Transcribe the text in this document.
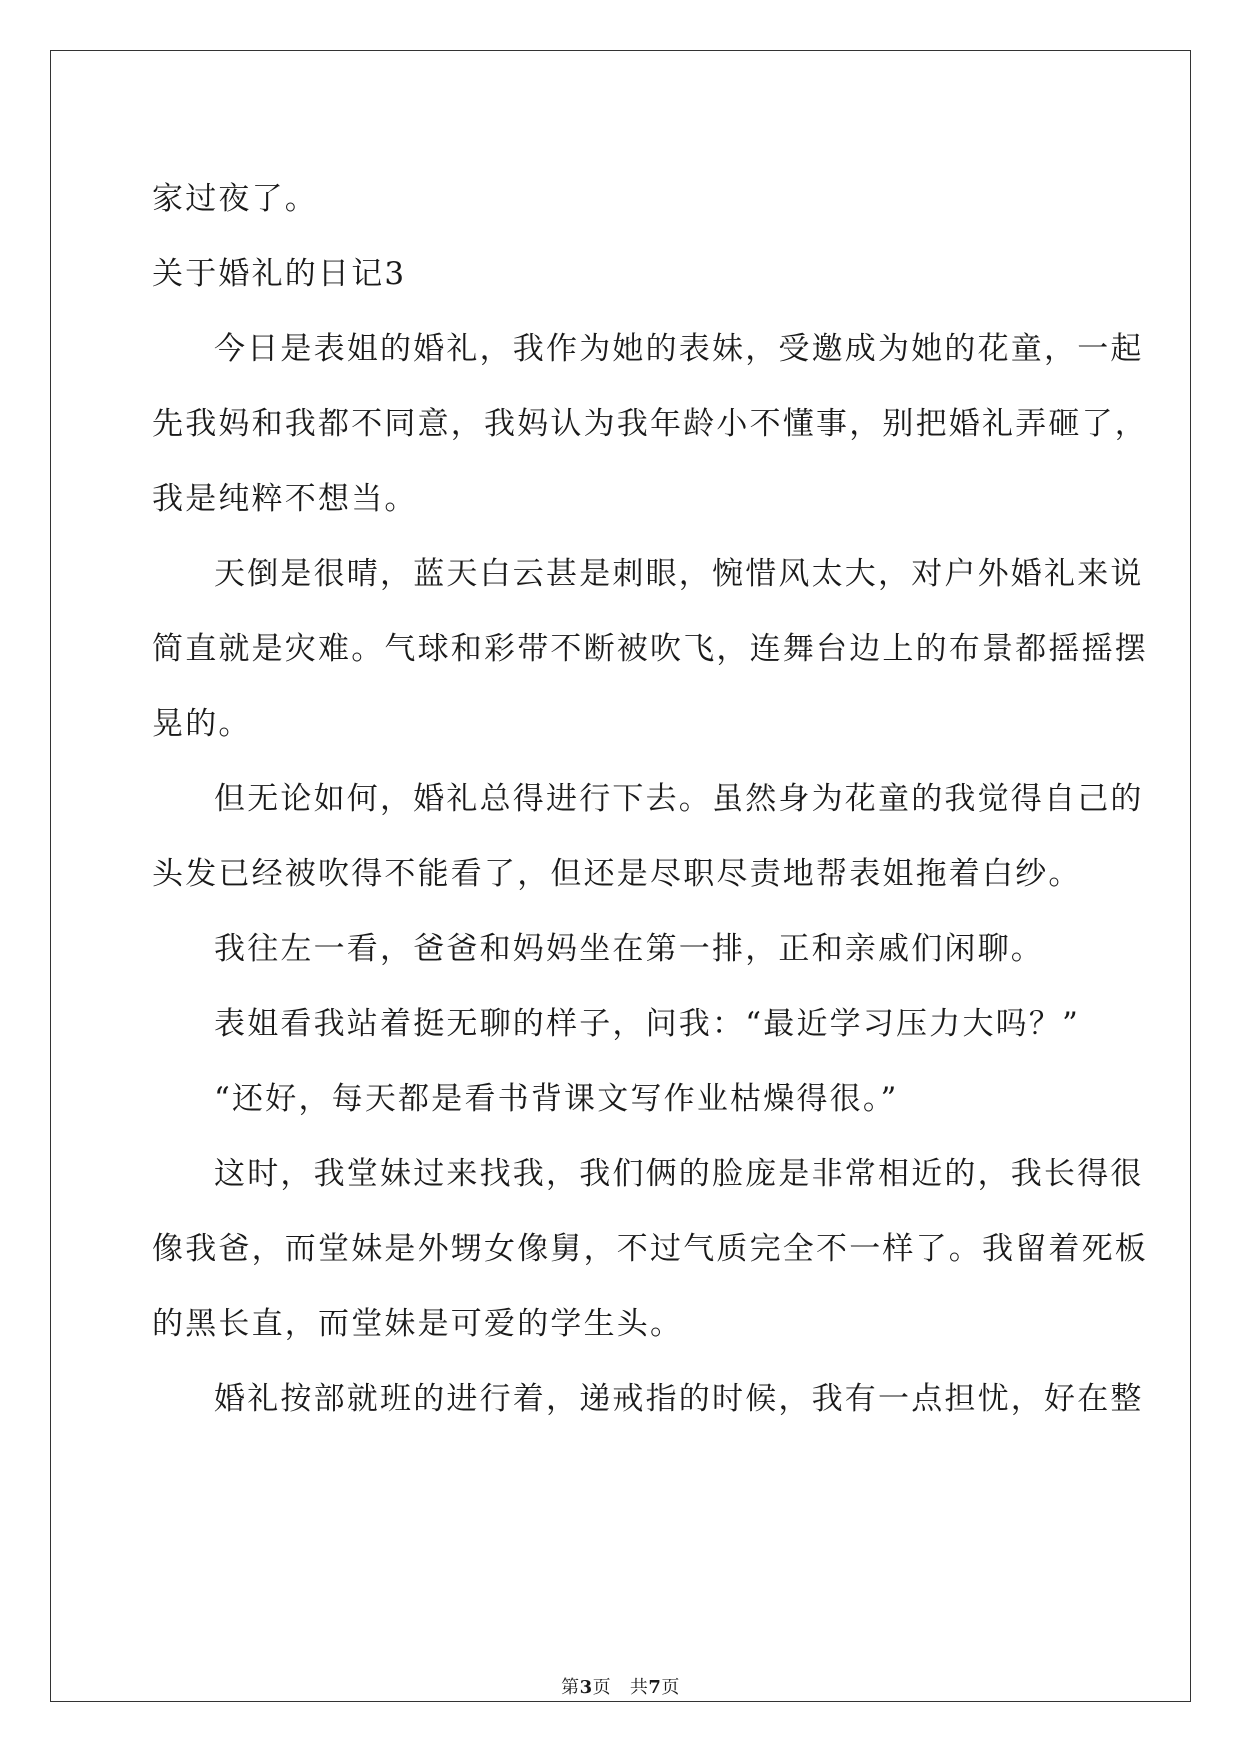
家过夜了。

关于婚礼的日记3

今日是表姐的婚礼，我作为她的表妹，受邀成为她的花童，一起

先我妈和我都不同意，我妈认为我年龄小不懂事，别把婚礼弄砸了，

我是纯粹不想当。

天倒是很晴，蓝天白云甚是刺眼，惋惜风太大，对户外婚礼来说

简直就是灾难。气球和彩带不断被吹飞，连舞台边上的布景都摇摇摆

晃的。

但无论如何，婚礼总得进行下去。虽然身为花童的我觉得自己的

头发已经被吹得不能看了，但还是尽职尽责地帮表姐拖着白纱。

我往左一看，爸爸和妈妈坐在第一排，正和亲戚们闲聊。

表姐看我站着挺无聊的样子，问我：“最近学习压力大吗？”

“还好，每天都是看书背课文写作业枯燥得很。”

这时，我堂妹过来找我，我们俩的脸庞是非常相近的，我长得很

像我爸，而堂妹是外甥女像舅，不过气质完全不一样了。我留着死板

的黑长直，而堂妹是可爱的学生头。

婚礼按部就班的进行着，递戒指的时候，我有一点担忧，好在整

第3页 共7页
